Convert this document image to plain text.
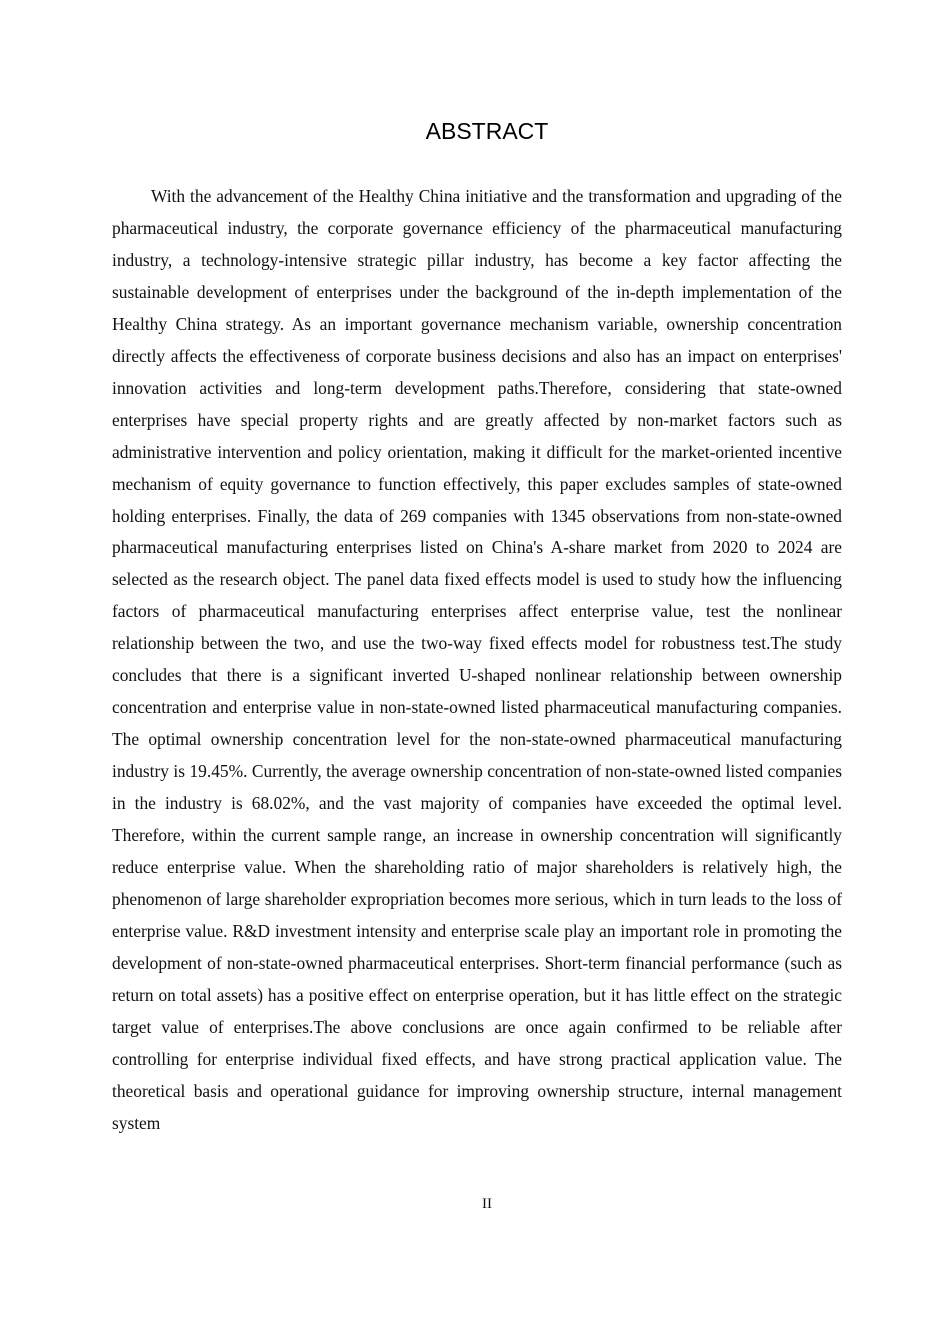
ABSTRACT

With the advancement of the Healthy China initiative and the transformation and upgrading of the pharmaceutical industry, the corporate governance efficiency of the pharmaceutical manufacturing industry, a technology-intensive strategic pillar industry, has become a key factor affecting the sustainable development of enterprises under the background of the in-depth implementation of the Healthy China strategy. As an important governance mechanism variable, ownership concentration directly affects the effectiveness of corporate business decisions and also has an impact on enterprises' innovation activities and long-term development paths.Therefore, considering that state-owned enterprises have special property rights and are greatly affected by non-market factors such as administrative intervention and policy orientation, making it difficult for the market-oriented incentive mechanism of equity governance to function effectively, this paper excludes samples of state-owned holding enterprises. Finally, the data of 269 companies with 1345 observations from non-state-owned pharmaceutical manufacturing enterprises listed on China's A-share market from 2020 to 2024 are selected as the research object. The panel data fixed effects model is used to study how the influencing factors of pharmaceutical manufacturing enterprises affect enterprise value, test the nonlinear relationship between the two, and use the two-way fixed effects model for robustness test.The study concludes that there is a significant inverted U-shaped nonlinear relationship between ownership concentration and enterprise value in non-state-owned listed pharmaceutical manufacturing companies. The optimal ownership concentration level for the non-state-owned pharmaceutical manufacturing industry is 19.45%. Currently, the average ownership concentration of non-state-owned listed companies in the industry is 68.02%, and the vast majority of companies have exceeded the optimal level. Therefore, within the current sample range, an increase in ownership concentration will significantly reduce enterprise value. When the shareholding ratio of major shareholders is relatively high, the phenomenon of large shareholder expropriation becomes more serious, which in turn leads to the loss of enterprise value. R&D investment intensity and enterprise scale play an important role in promoting the development of non-state-owned pharmaceutical enterprises. Short-term financial performance (such as return on total assets) has a positive effect on enterprise operation, but it has little effect on the strategic target value of enterprises.The above conclusions are once again confirmed to be reliable after controlling for enterprise individual fixed effects, and have strong practical application value. The theoretical basis and operational guidance for improving ownership structure, internal management system

II
